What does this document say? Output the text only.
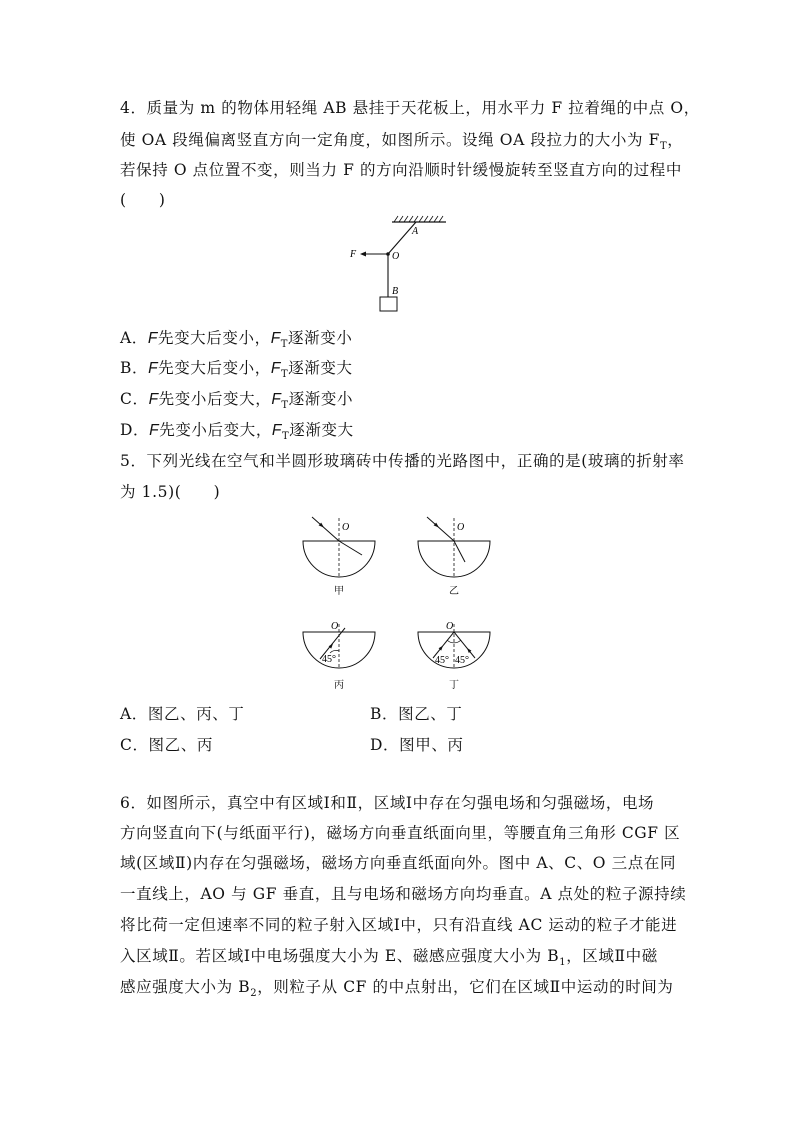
4．质量为 m 的物体用轻绳 AB 悬挂于天花板上，用水平力 F 拉着绳的中点 O，
使 OA 段绳偏离竖直方向一定角度，如图所示。设绳 OA 段拉力的大小为 $F_T$，
若保持 O 点位置不变，则当力 F 的方向沿顺时针缓慢旋转至竖直方向的过程中
(　　)
A
F	O
B
A．F先变大后变小，$F_T$逐渐变小
B．F先变大后变小，$F_T$逐渐变大
C．F先变小后变大，$F_T$逐渐变小
D．F先变小后变大，$F_T$逐渐变大
5．下列光线在空气和半圆形玻璃砖中传播的光路图中，正确的是(玻璃的折射率
为 1.5)(　　)
O
甲
O
乙
O
45°
丙
O
45° 45°
丁
A．图乙、丙、丁	B．图乙、丁
C．图乙、丙	D．图甲、丙
6．如图所示，真空中有区域Ⅰ和Ⅱ，区域Ⅰ中存在匀强电场和匀强磁场，电场
方向竖直向下(与纸面平行)，磁场方向垂直纸面向里，等腰直角三角形 CGF 区
域(区域Ⅱ)内存在匀强磁场，磁场方向垂直纸面向外。图中 A、C、O 三点在同
一直线上，AO 与 GF 垂直，且与电场和磁场方向均垂直。A 点处的粒子源持续
将比荷一定但速率不同的粒子射入区域Ⅰ中，只有沿直线 AC 运动的粒子才能进
入区域Ⅱ。若区域Ⅰ中电场强度大小为 E、磁感应强度大小为 $B_1$，区域Ⅱ中磁
感应强度大小为 $B_2$，则粒子从 CF 的中点射出，它们在区域Ⅱ中运动的时间为
